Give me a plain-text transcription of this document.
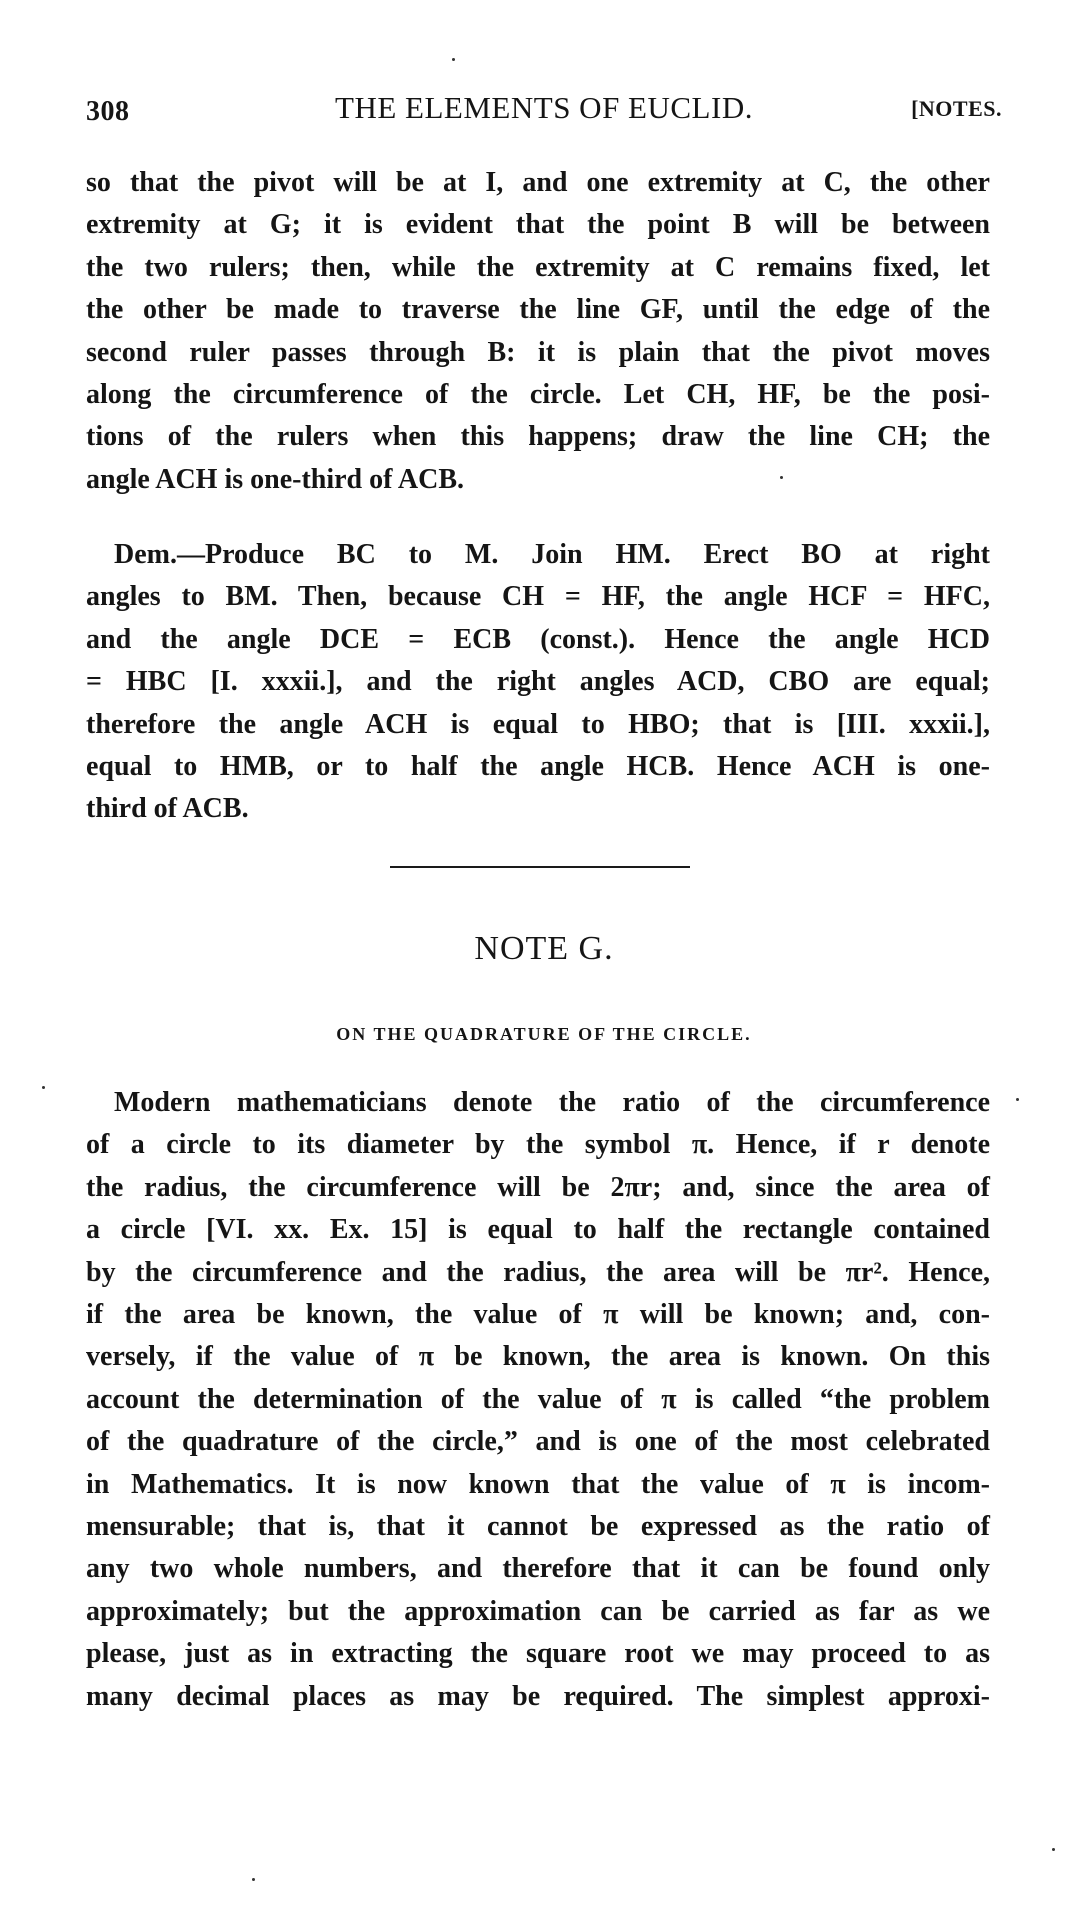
308	THE ELEMENTS OF EUCLID.	[NOTES.
so that the pivot will be at I, and one extremity at C, the other
extremity at G; it is evident that the point B will be between
the two rulers; then, while the extremity at C remains fixed, let
the other be made to traverse the line GF, until the edge of the
second ruler passes through B: it is plain that the pivot moves
along the circumference of the circle. Let CH, HF, be the posi-
tions of the rulers when this happens; draw the line CH; the
angle ACH is one-third of ACB.
Dem.—Produce BC to M. Join HM. Erect BO at right
angles to BM. Then, because CH = HF, the angle HCF = HFC,
and the angle DCE = ECB (const.). Hence the angle HCD
= HBC [I. xxxii.], and the right angles ACD, CBO are equal;
therefore the angle ACH is equal to HBO; that is [III. xxxii.],
equal to HMB, or to half the angle HCB. Hence ACH is one-
third of ACB.
NOTE G.
ON THE QUADRATURE OF THE CIRCLE.
Modern mathematicians denote the ratio of the circumference
of a circle to its diameter by the symbol π. Hence, if r denote
the radius, the circumference will be 2πr; and, since the area of
a circle [VI. xx. Ex. 15] is equal to half the rectangle contained
by the circumference and the radius, the area will be πr². Hence,
if the area be known, the value of π will be known; and, con-
versely, if the value of π be known, the area is known. On this
account the determination of the value of π is called “the problem
of the quadrature of the circle,” and is one of the most celebrated
in Mathematics. It is now known that the value of π is incom-
mensurable; that is, that it cannot be expressed as the ratio of
any two whole numbers, and therefore that it can be found only
approximately; but the approximation can be carried as far as we
please, just as in extracting the square root we may proceed to as
many decimal places as may be required. The simplest approxi-
